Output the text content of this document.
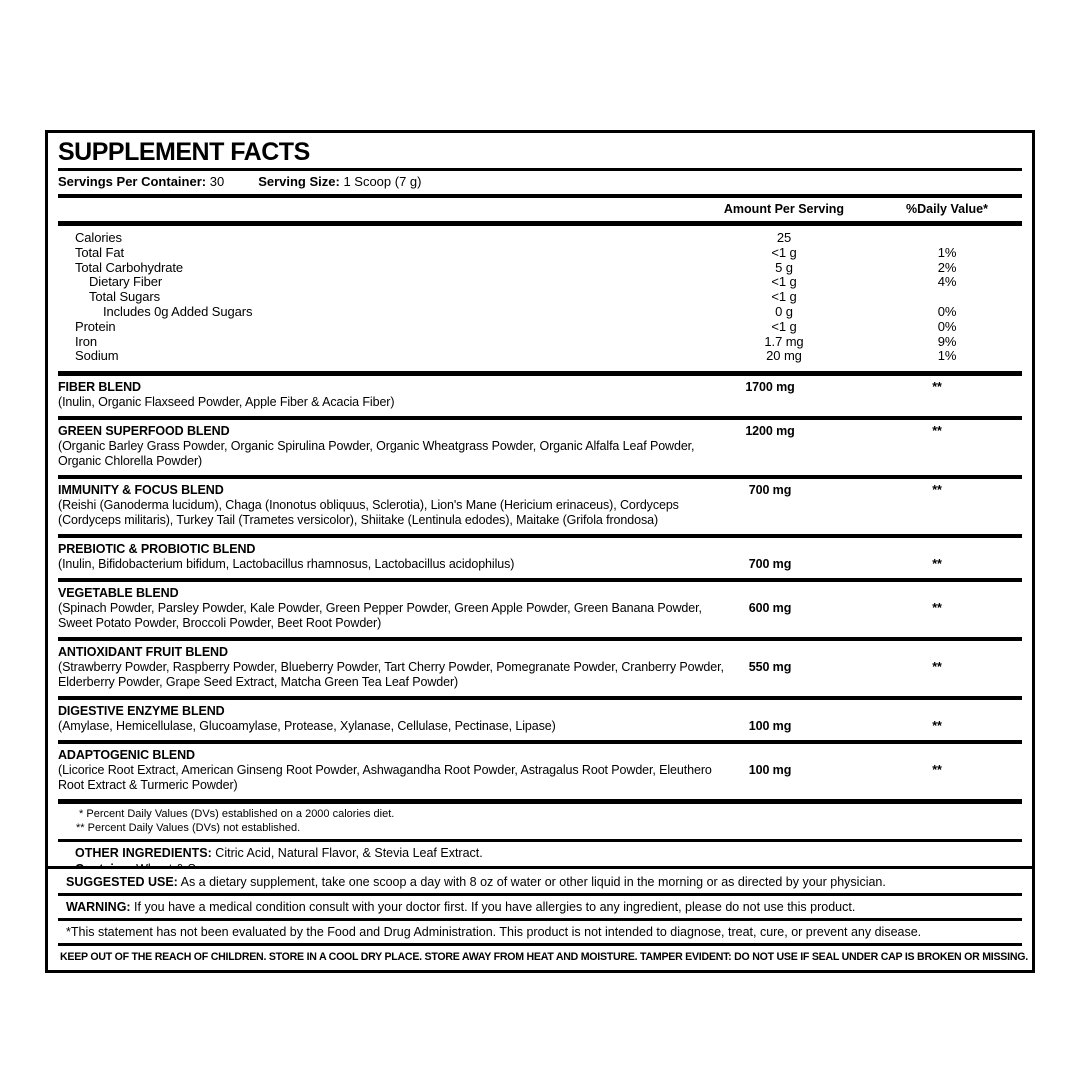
SUPPLEMENT FACTS
Servings Per Container: 30	Serving Size: 1 Scoop (7 g)
Amount Per Serving	%Daily Value*
Calories	25
Total Fat	<1 g	1%
Total Carbohydrate	5 g	2%
Dietary Fiber	<1 g	4%
Total Sugars	<1 g
Includes 0g Added Sugars	0 g	0%
Protein	<1 g	0%
Iron	1.7 mg	9%
Sodium	20 mg	1%
FIBER BLEND
(Inulin, Organic Flaxseed Powder, Apple Fiber & Acacia Fiber)
1700 mg	**
GREEN SUPERFOOD BLEND
(Organic Barley Grass Powder, Organic Spirulina Powder, Organic Wheatgrass Powder, Organic Alfalfa Leaf Powder,
Organic Chlorella Powder)
1200 mg	**
IMMUNITY & FOCUS BLEND
(Reishi (Ganoderma lucidum), Chaga (Inonotus obliquus, Sclerotia), Lion's Mane (Hericium erinaceus), Cordyceps
(Cordyceps militaris), Turkey Tail (Trametes versicolor), Shiitake (Lentinula edodes), Maitake (Grifola frondosa)
700 mg	**
PREBIOTIC & PROBIOTIC BLEND
(Inulin, Bifidobacterium bifidum, Lactobacillus rhamnosus, Lactobacillus acidophilus)	700 mg	**
VEGETABLE BLEND
(Spinach Powder, Parsley Powder, Kale Powder, Green Pepper Powder, Green Apple Powder, Green Banana Powder,
Sweet Potato Powder, Broccoli Powder, Beet Root Powder)
600 mg	**
ANTIOXIDANT FRUIT BLEND
(Strawberry Powder, Raspberry Powder, Blueberry Powder, Tart Cherry Powder, Pomegranate Powder, Cranberry Powder,
Elderberry Powder, Grape Seed Extract, Matcha Green Tea Leaf Powder)
550 mg	**
DIGESTIVE ENZYME BLEND
(Amylase, Hemicellulase, Glucoamylase, Protease, Xylanase, Cellulase, Pectinase, Lipase)	100 mg	**
ADAPTOGENIC BLEND
(Licorice Root Extract, American Ginseng Root Powder, Ashwagandha Root Powder, Astragalus Root Powder, Eleuthero
Root Extract & Turmeric Powder)
100 mg	**
* Percent Daily Values (DVs) established on a 2000 calories diet.
** Percent Daily Values (DVs) not established.
OTHER INGREDIENTS: Citric Acid, Natural Flavor, & Stevia Leaf Extract.
SUGGESTED USE: As a dietary supplement, take one scoop a day with 8 oz of water or other liquid in the morning or as directed by your physician.
WARNING: If you have a medical condition consult with your doctor first. If you have allergies to any ingredient, please do not use this product.
*This statement has not been evaluated by the Food and Drug Administration. This product is not intended to diagnose, treat, cure, or prevent any disease.
KEEP OUT OF THE REACH OF CHILDREN. STORE IN A COOL DRY PLACE. STORE AWAY FROM HEAT AND MOISTURE. TAMPER EVIDENT: DO NOT USE IF SEAL UNDER CAP IS BROKEN OR MISSING.
